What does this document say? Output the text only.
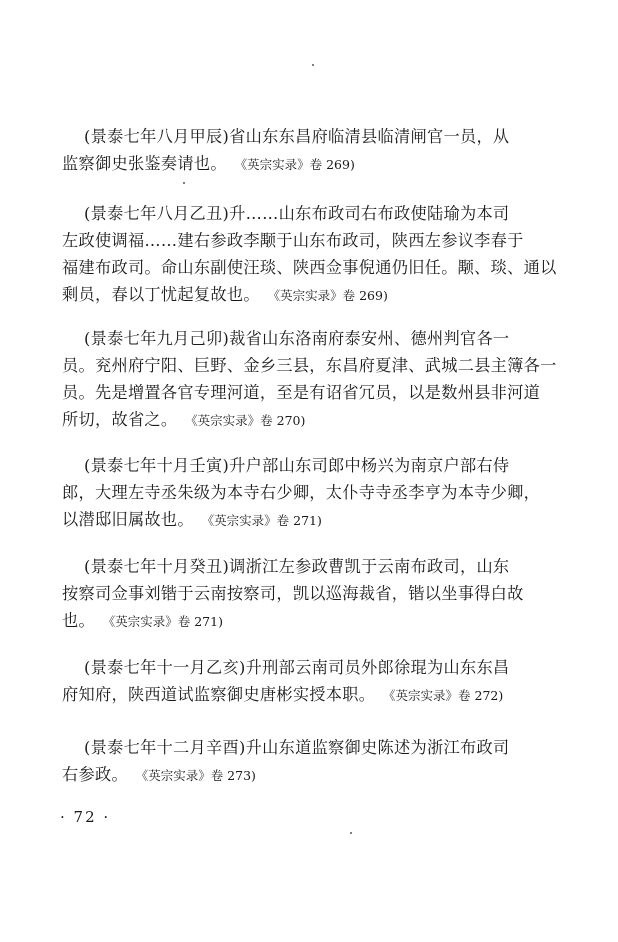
(景泰七年八月甲辰)省山东东昌府临清县临清闸官一员，从
监察御史张鉴奏请也。 《英宗实录》卷 269)
(景泰七年八月乙丑)升……山东布政司右布政使陆瑜为本司
左政使调福……建右参政李颙于山东布政司，陕西左参议李春于
福建布政司。命山东副使汪琰、陕西佥事倪通仍旧任。颙、琰、通以
剩员，春以丁忧起复故也。 《英宗实录》卷 269)
(景泰七年九月己卯)裁省山东洛南府泰安州、德州判官各一
员。兖州府宁阳、巨野、金乡三县，东昌府夏津、武城二县主簿各一
员。先是增置各官专理河道，至是有诏省冗员，以是数州县非河道
所切，故省之。 《英宗实录》卷 270)
(景泰七年十月壬寅)升户部山东司郎中杨兴为南京户部右侍
郎，大理左寺丞朱级为本寺右少卿，太仆寺寺丞李亨为本寺少卿，
以潜邸旧属故也。 《英宗实录》卷 271)
(景泰七年十月癸丑)调浙江左参政曹凯于云南布政司，山东
按察司佥事刘锴于云南按察司，凯以巡海裁省，锴以坐事得白故
也。 《英宗实录》卷 271)
(景泰七年十一月乙亥)升刑部云南司员外郎徐琨为山东东昌
府知府，陕西道试监察御史唐彬实授本职。 《英宗实录》卷 272)
(景泰七年十二月辛酉)升山东道监察御史陈述为浙江布政司
右参政。 《英宗实录》卷 273)
· 72 ·
